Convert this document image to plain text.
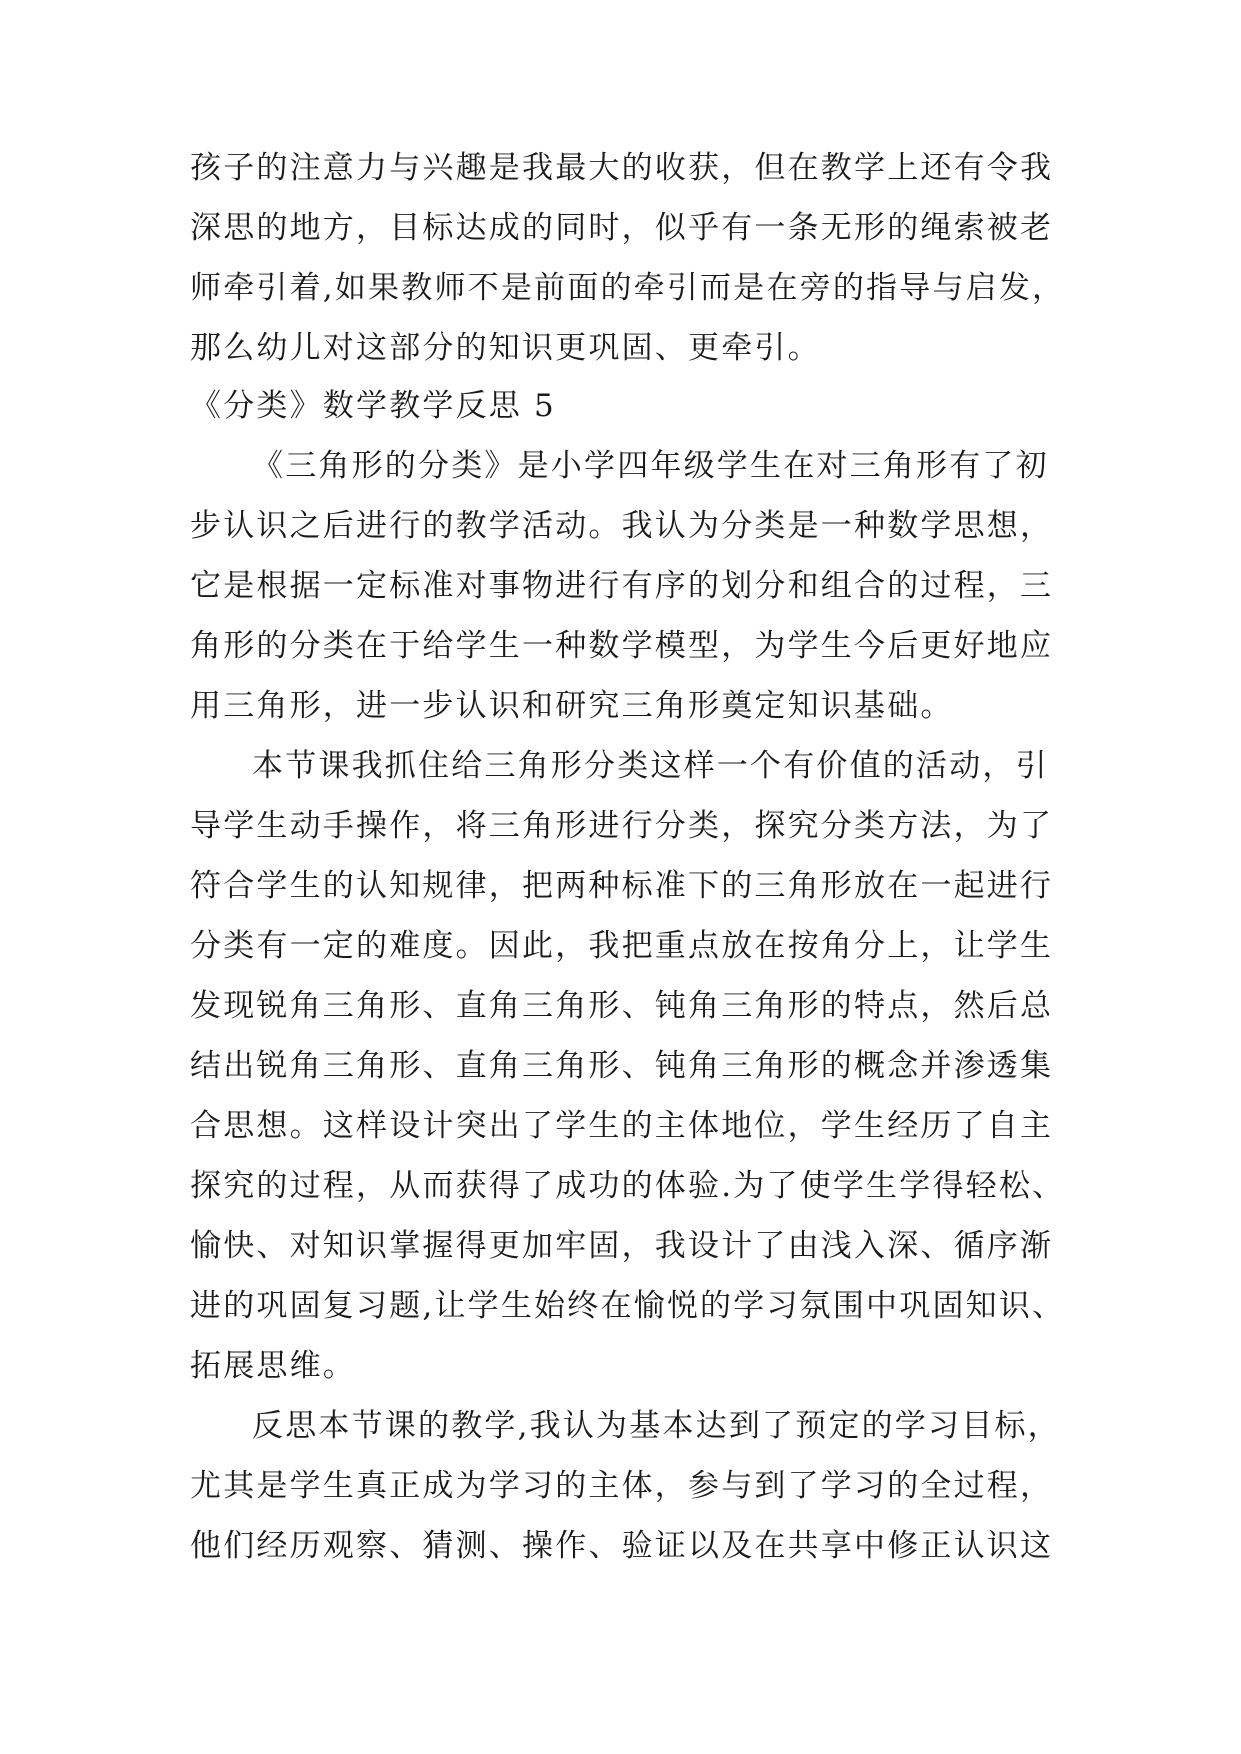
孩子的注意力与兴趣是我最大的收获，但在教学上还有令我
深思的地方，目标达成的同时，似乎有一条无形的绳索被老
师牵引着,如果教师不是前面的牵引而是在旁的指导与启发，
那么幼儿对这部分的知识更巩固、更牵引。
《分类》数学教学反思 5
《三角形的分类》是小学四年级学生在对三角形有了初
步认识之后进行的教学活动。我认为分类是一种数学思想，
它是根据一定标准对事物进行有序的划分和组合的过程，三
角形的分类在于给学生一种数学模型，为学生今后更好地应
用三角形，进一步认识和研究三角形奠定知识基础。
本节课我抓住给三角形分类这样一个有价值的活动，引
导学生动手操作，将三角形进行分类，探究分类方法，为了
符合学生的认知规律，把两种标准下的三角形放在一起进行
分类有一定的难度。因此，我把重点放在按角分上，让学生
发现锐角三角形、直角三角形、钝角三角形的特点，然后总
结出锐角三角形、直角三角形、钝角三角形的概念并渗透集
合思想。这样设计突出了学生的主体地位，学生经历了自主
探究的过程，从而获得了成功的体验.为了使学生学得轻松、
愉快、对知识掌握得更加牢固，我设计了由浅入深、循序渐
进的巩固复习题,让学生始终在愉悦的学习氛围中巩固知识、
拓展思维。
反思本节课的教学,我认为基本达到了预定的学习目标，
尤其是学生真正成为学习的主体，参与到了学习的全过程，
他们经历观察、猜测、操作、验证以及在共享中修正认识这
